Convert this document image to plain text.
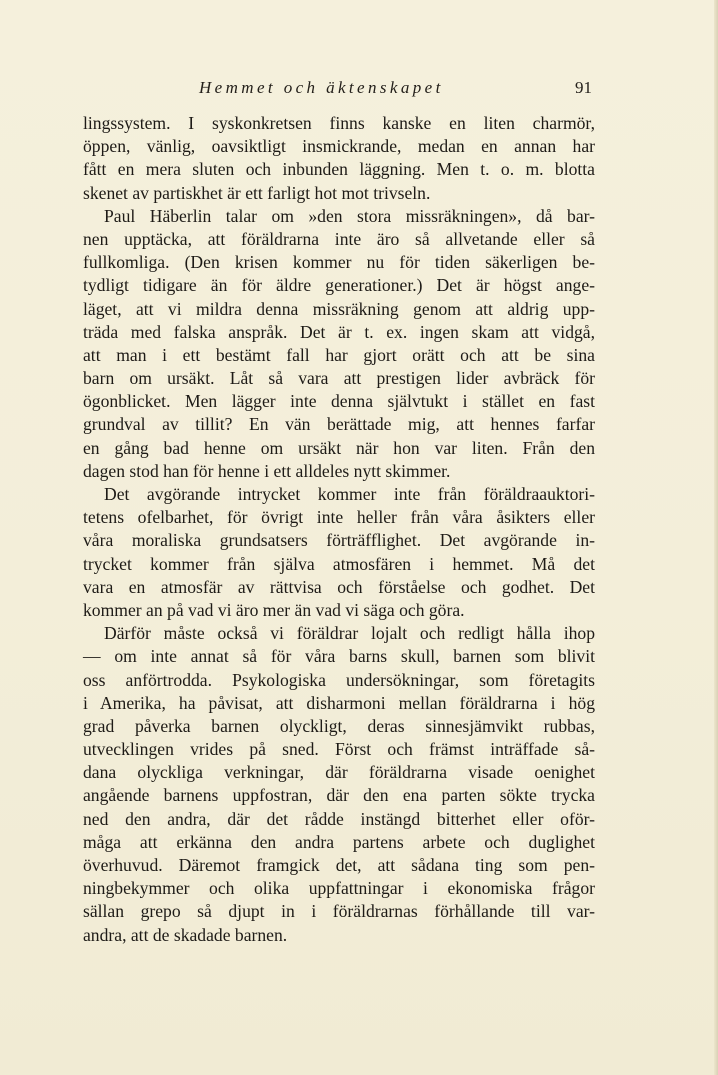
Hemmet och äktenskapet	91
lingssystem. I syskonkretsen finns kanske en liten charmör,
öppen, vänlig, oavsiktligt insmickrande, medan en annan har
fått en mera sluten och inbunden läggning. Men t. o. m. blotta
skenet av partiskhet är ett farligt hot mot trivseln.
Paul Häberlin talar om »den stora missräkningen», då bar-
nen upptäcka, att föräldrarna inte äro så allvetande eller så
fullkomliga. (Den krisen kommer nu för tiden säkerligen be-
tydligt tidigare än för äldre generationer.) Det är högst ange-
läget, att vi mildra denna missräkning genom att aldrig upp-
träda med falska anspråk. Det är t. ex. ingen skam att vidgå,
att man i ett bestämt fall har gjort orätt och att be sina
barn om ursäkt. Låt så vara att prestigen lider avbräck för
ögonblicket. Men lägger inte denna självtukt i stället en fast
grundval av tillit? En vän berättade mig, att hennes farfar
en gång bad henne om ursäkt när hon var liten. Från den
dagen stod han för henne i ett alldeles nytt skimmer.
Det avgörande intrycket kommer inte från föräldraauktori-
tetens ofelbarhet, för övrigt inte heller från våra åsikters eller
våra moraliska grundsatsers förträfflighet. Det avgörande in-
trycket kommer från själva atmosfären i hemmet. Må det
vara en atmosfär av rättvisa och förståelse och godhet. Det
kommer an på vad vi äro mer än vad vi säga och göra.
Därför måste också vi föräldrar lojalt och redligt hålla ihop
— om inte annat så för våra barns skull, barnen som blivit
oss anförtrodda. Psykologiska undersökningar, som företagits
i Amerika, ha påvisat, att disharmoni mellan föräldrarna i hög
grad påverka barnen olyckligt, deras sinnesjämvikt rubbas,
utvecklingen vrides på sned. Först och främst inträffade så-
dana olyckliga verkningar, där föräldrarna visade oenighet
angående barnens uppfostran, där den ena parten sökte trycka
ned den andra, där det rådde instängd bitterhet eller oför-
måga att erkänna den andra partens arbete och duglighet
överhuvud. Däremot framgick det, att sådana ting som pen-
ningbekymmer och olika uppfattningar i ekonomiska frågor
sällan grepo så djupt in i föräldrarnas förhållande till var-
andra, att de skadade barnen.
